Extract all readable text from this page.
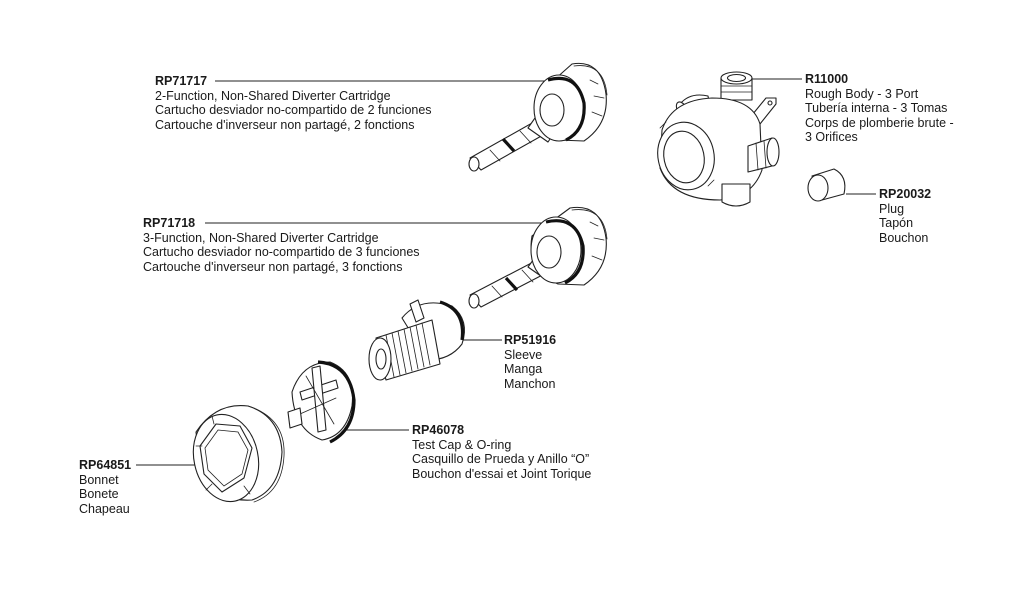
RP71717
2-Function, Non-Shared Diverter Cartridge
Cartucho desviador no-compartido de 2 funciones
Cartouche d'inverseur non partagé, 2 fonctions
RP71718
3-Function, Non-Shared Diverter Cartridge
Cartucho desviador no-compartido de 3 funciones
Cartouche d'inverseur non partagé, 3 fonctions
R11000
Rough Body - 3 Port
Tubería interna - 3 Tomas
Corps de plomberie brute -
3 Orifices
RP20032
Plug
Tapón
Bouchon
RP51916
Sleeve
Manga
Manchon
RP46078
Test Cap & O-ring
Casquillo de Prueda y Anillo “O”
Bouchon d'essai et Joint Torique
RP64851
Bonnet
Bonete
Chapeau
